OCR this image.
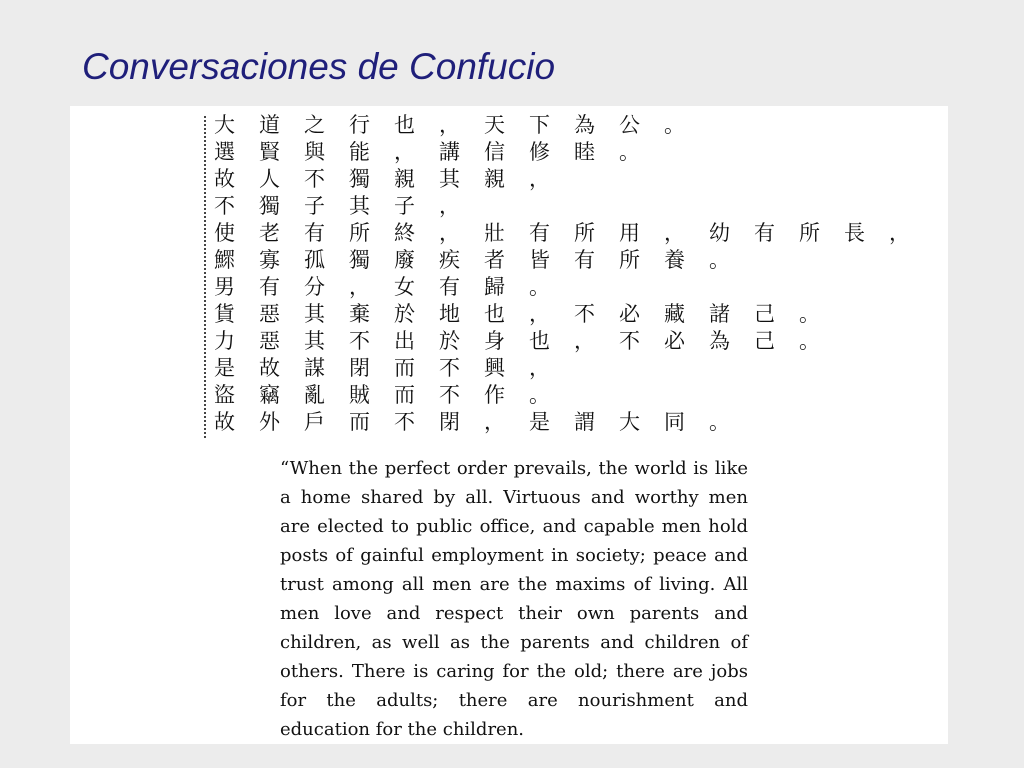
Conversaciones de Confucio
大道之行也，天下為公。
選賢與能，講信修睦。
故人不獨親其親，
不獨子其子，
使老有所終，壯有所用，幼有所長，
鰥寡孤獨廢疾者皆有所養。
男有分，女有歸。
貨惡其棄於地也，不必藏諸己。
力惡其不出於身也，不必為己。
是故謀閉而不興，
盜竊亂賊而不作。
故外戶而不閉，是謂大同。

“When the perfect order prevails, the world is like a home shared by all. Virtuous and worthy men are elected to public office, and capable men hold posts of gainful employment in society; peace and trust among all men are the maxims of living. All men love and respect their own parents and children, as well as the parents and children of others. There is caring for the old; there are jobs for the adults; there are nourishment and education for the children.
